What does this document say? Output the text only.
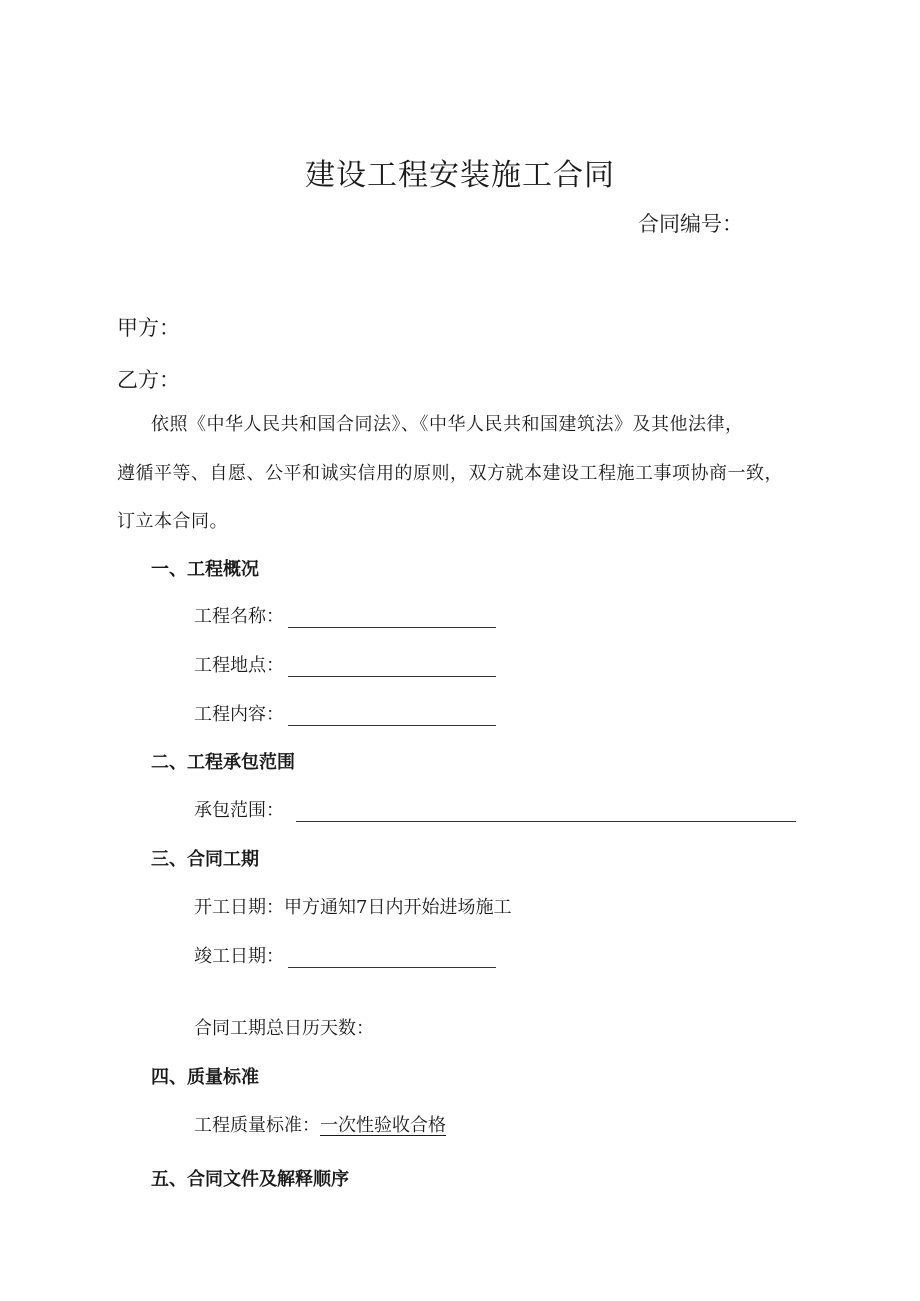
建设工程安装施工合同
合同编号：
甲方：
乙方：
依照《中华人民共和国合同法》、《中华人民共和国建筑法》及其他法律，
遵循平等、自愿、公平和诚实信用的原则，双方就本建设工程施工事项协商一致，
订立本合同。
一、工程概况
工程名称：
工程地点：
工程内容：
二、工程承包范围
承包范围：
三、合同工期
开工日期：甲方通知7日内开始进场施工
竣工日期：
合同工期总日历天数：
四、质量标准
工程质量标准：一次性验收合格
五、合同文件及解释顺序
